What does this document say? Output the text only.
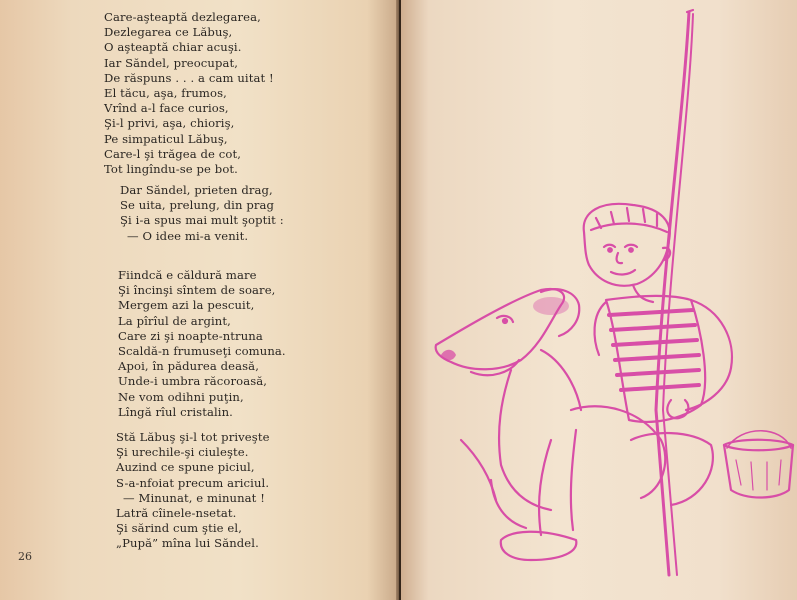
Care-aşteaptă dezlegarea,
Dezlegarea ce Lăbuş,
O aşteaptă chiar acuşi.
Iar Săndel, preocupat,
De răspuns . . . a cam uitat !
El tăcu, aşa, frumos,
Vrînd a-l face curios,
Şi-l privi, aşa, chioriş,
Pe simpaticul Lăbuş,
Care-l şi trăgea de cot,
Tot lingîndu-se pe bot.
Dar Săndel, prieten drag,
Se uita, prelung, din prag
Şi i-a spus mai mult şoptit :
— O idee mi-a venit.
Fiindcă e căldură mare
Şi încinşi sîntem de soare,
Mergem azi la pescuit,
La pîrîul de argint,
Care zi şi noapte-ntruna
Scaldă-n frumuseţi comuna.
Apoi, în pădurea deasă,
Unde-i umbra răcoroasă,
Ne vom odihni puţin,
Lîngă rîul cristalin.
Stă Lăbuş şi-l tot priveşte
Şi urechile-şi ciuleşte.
Auzind ce spune piciul,
S-a-nfoiat precum ariciul.
— Minunat, e minunat !
Latră cîinele-nsetat.
Şi sărind cum ştie el,
„Pupă” mîna lui Săndel.
26
